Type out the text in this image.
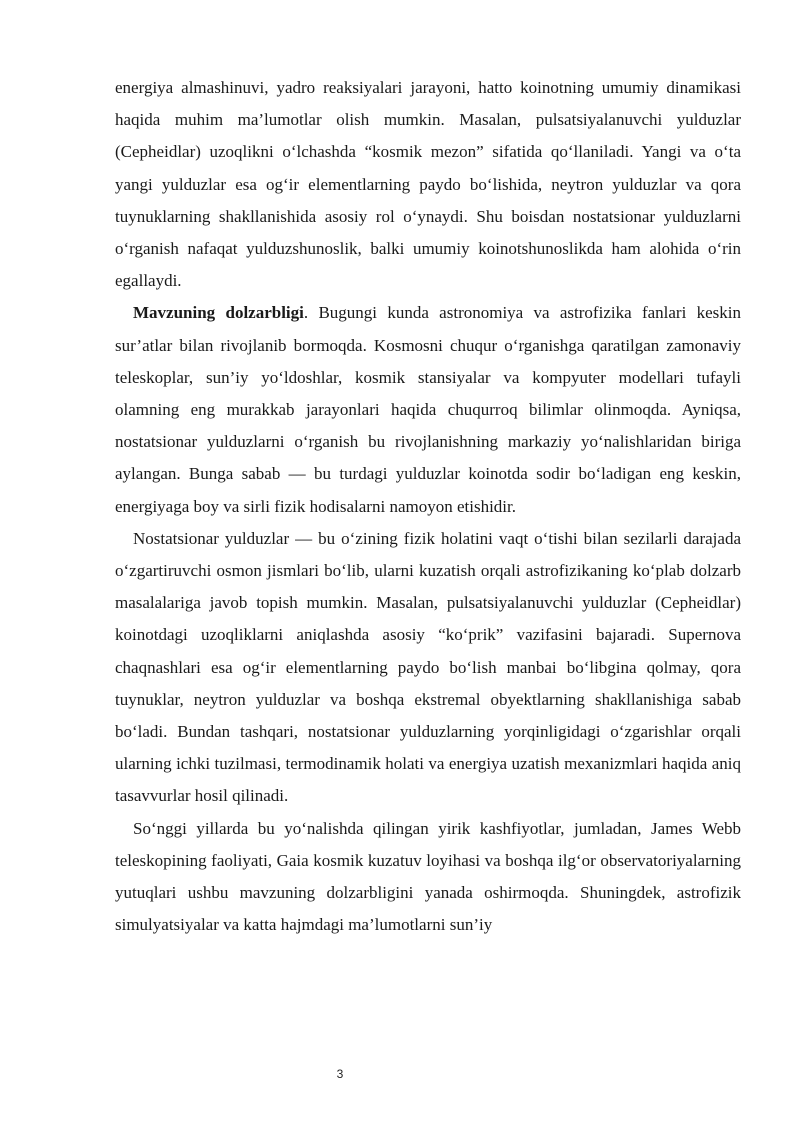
energiya almashinuvi, yadro reaksiyalari jarayoni, hatto koinotning umumiy dinamikasi haqida muhim ma’lumotlar olish mumkin. Masalan, pulsatsiyalanuvchi yulduzlar (Cepheidlar) uzoqlikni o‘lchashda “kosmik mezon” sifatida qo‘llaniladi. Yangi va o‘ta yangi yulduzlar esa og‘ir elementlarning paydo bo‘lishida, neytron yulduzlar va qora tuynuklarning shakllanishida asosiy rol o‘ynaydi. Shu boisdan nostatsionar yulduzlarni o‘rganish nafaqat yulduzshunoslik, balki umumiy koinotshunoslikda ham alohida o‘rin egallaydi.

Mavzuning dolzarbligi. Bugungi kunda astronomiya va astrofizika fanlari keskin sur’atlar bilan rivojlanib bormoqda. Kosmosni chuqur o‘rganishga qaratilgan zamonaviy teleskoplar, sun’iy yo‘ldoshlar, kosmik stansiyalar va kompyuter modellari tufayli olamning eng murakkab jarayonlari haqida chuqurroq bilimlar olinmoqda. Ayniqsa, nostatsionar yulduzlarni o‘rganish bu rivojlanishning markaziy yo‘nalishlaridan biriga aylangan. Bunga sabab — bu turdagi yulduzlar koinotda sodir bo‘ladigan eng keskin, energiyaga boy va sirli fizik hodisalarni namoyon etishidir.

Nostatsionar yulduzlar — bu o‘zining fizik holatini vaqt o‘tishi bilan sezilarli darajada o‘zgartiruvchi osmon jismlari bo‘lib, ularni kuzatish orqali astrofizikaning ko‘plab dolzarb masalalariga javob topish mumkin. Masalan, pulsatsiyalanuvchi yulduzlar (Cepheidlar) koinotdagi uzoqliklarni aniqlashda asosiy “ko‘prik” vazifasini bajaradi. Supernova chaqnashlari esa og‘ir elementlarning paydo bo‘lish manbai bo‘libgina qolmay, qora tuynuklar, neytron yulduzlar va boshqa ekstremal obyektlarning shakllanishiga sabab bo‘ladi. Bundan tashqari, nostatsionar yulduzlarning yorqinligidagi o‘zgarishlar orqali ularning ichki tuzilmasi, termodinamik holati va energiya uzatish mexanizmlari haqida aniq tasavvurlar hosil qilinadi.

So‘nggi yillarda bu yo‘nalishda qilingan yirik kashfiyotlar, jumladan, James Webb teleskopining faoliyati, Gaia kosmik kuzatuv loyihasi va boshqa ilg‘or observatoriyalarning yutuqlari ushbu mavzuning dolzarbligini yanada oshirmoqda. Shuningdek, astrofizik simulyatsiyalar va katta hajmdagi ma’lumotlarni sun’iy

3
